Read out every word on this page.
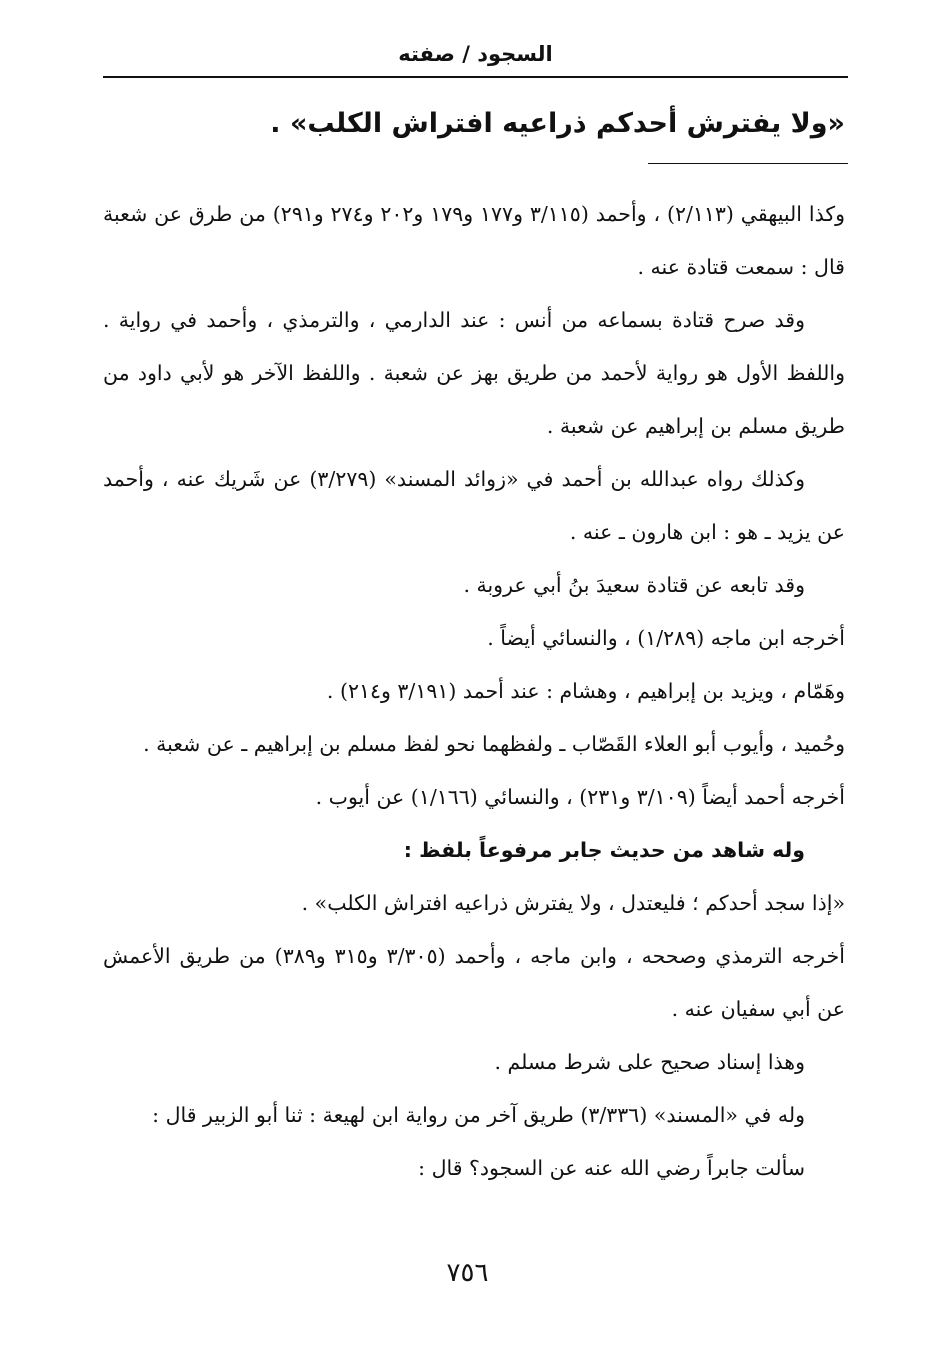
السجود / صفته
«ولا يفترش أحدكم ذراعيه افتراش الكلب» .

وكذا البيهقي (٢/١١٣) ، وأحمد (٣/١١٥ و١٧٧ و١٧٩ و٢٠٢ و٢٧٤ و٢٩١) من طرق عن شعبة قال : سمعت قتادة عنه .

وقد صرح قتادة بسماعه من أنس : عند الدارمي ، والترمذي ، وأحمد في رواية . واللفظ الأول هو رواية لأحمد من طريق بهز عن شعبة . واللفظ الآخر هو لأبي داود من طريق مسلم بن إبراهيم عن شعبة .

وكذلك رواه عبدالله بن أحمد في «زوائد المسند» (٣/٢٧٩) عن شَريك عنه ، وأحمد عن يزيد ـ هو : ابن هارون ـ عنه .

وقد تابعه عن قتادة سعيدَ بنُ أبي عروبة .

أخرجه ابن ماجه (١/٢٨٩) ، والنسائي أيضاً .

وهَمّام ، ويزيد بن إبراهيم ، وهشام : عند أحمد (٣/١٩١ و٢١٤) .

وحُميد ، وأيوب أبو العلاء القَصّاب ـ ولفظهما نحو لفظ مسلم بن إبراهيم ـ عن شعبة .

أخرجه أحمد أيضاً (٣/١٠٩ و٢٣١) ، والنسائي (١/١٦٦) عن أيوب .

وله شاهد من حديث جابر مرفوعاً بلفظ :

«إذا سجد أحدكم ؛ فليعتدل ، ولا يفترش ذراعيه افتراش الكلب» .

أخرجه الترمذي وصححه ، وابن ماجه ، وأحمد (٣/٣٠٥ و٣١٥ و٣٨٩) من طريق الأعمش عن أبي سفيان عنه .

وهذا إسناد صحيح على شرط مسلم .

وله في «المسند» (٣/٣٣٦) طريق آخر من رواية ابن لهيعة : ثنا أبو الزبير قال :

سألت جابراً رضي الله عنه عن السجود؟ قال :

٧٥٦
